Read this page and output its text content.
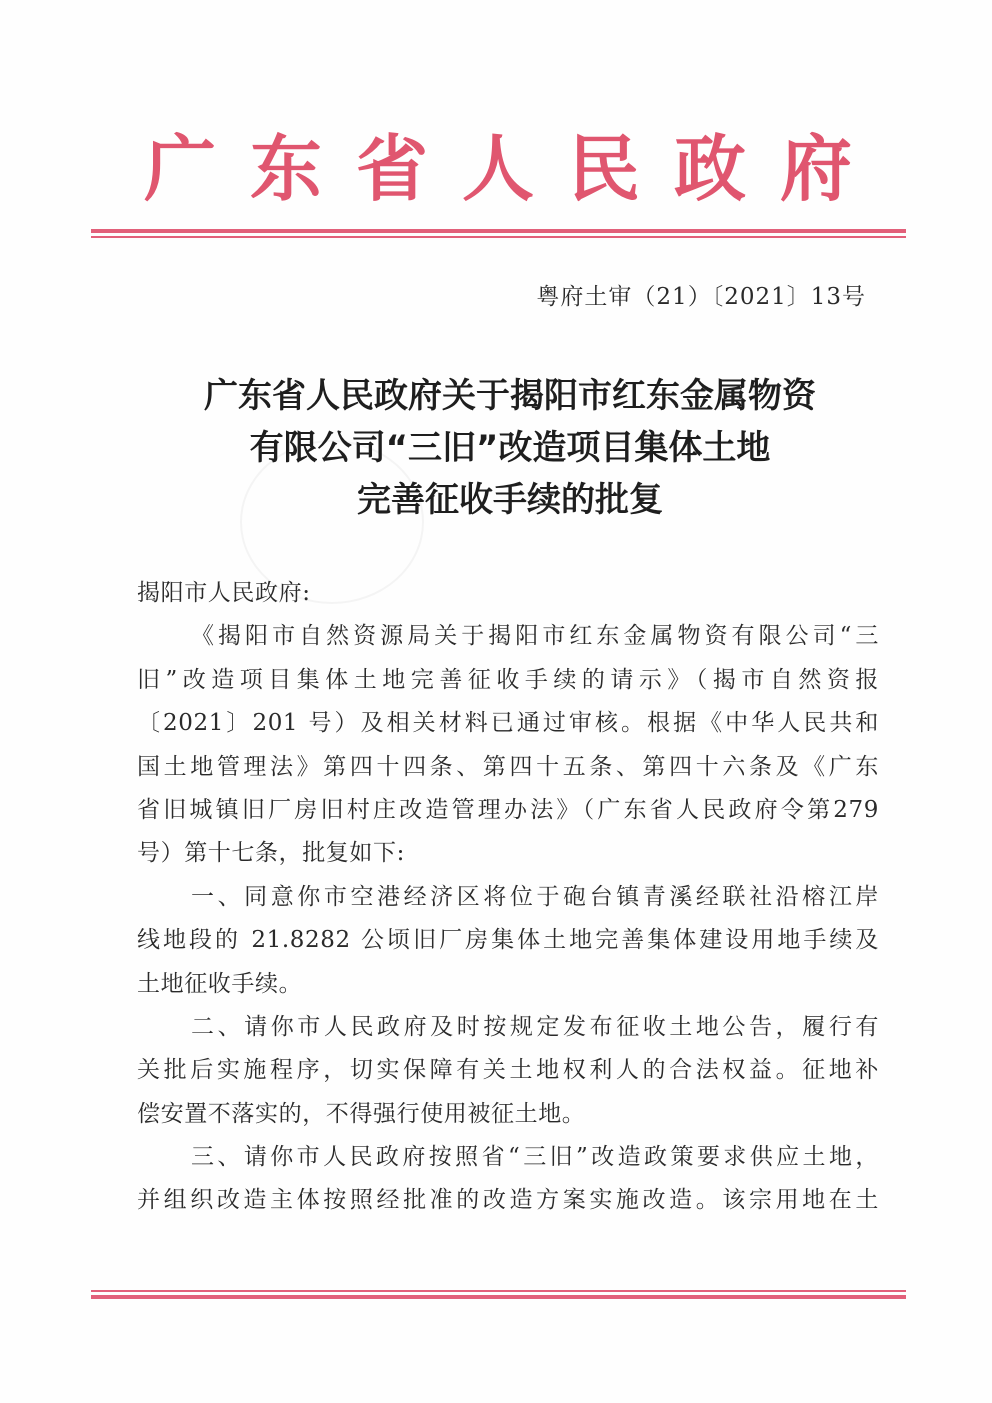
广 东 省 人 民 政 府
粤府土审（21）〔2021〕13号
广东省人民政府关于揭阳市红东金属物资
有限公司“三旧”改造项目集体土地
完善征收手续的批复
揭阳市人民政府:
《揭阳市自然资源局关于揭阳市红东金属物资有限公司“三
旧”改造项目集体土地完善征收手续的请示》（揭市自然资报
〔2021〕201 号）及相关材料已通过审核。根据《中华人民共和
国土地管理法》第四十四条、第四十五条、第四十六条及《广东
省旧城镇旧厂房旧村庄改造管理办法》（广东省人民政府令第279
号）第十七条，批复如下:
一、同意你市空港经济区将位于砲台镇青溪经联社沿榕江岸
线地段的 21.8282 公顷旧厂房集体土地完善集体建设用地手续及
土地征收手续。
二、请你市人民政府及时按规定发布征收土地公告，履行有
关批后实施程序，切实保障有关土地权利人的合法权益。征地补
偿安置不落实的，不得强行使用被征土地。
三、请你市人民政府按照省“三旧”改造政策要求供应土地，
并组织改造主体按照经批准的改造方案实施改造。该宗用地在土
